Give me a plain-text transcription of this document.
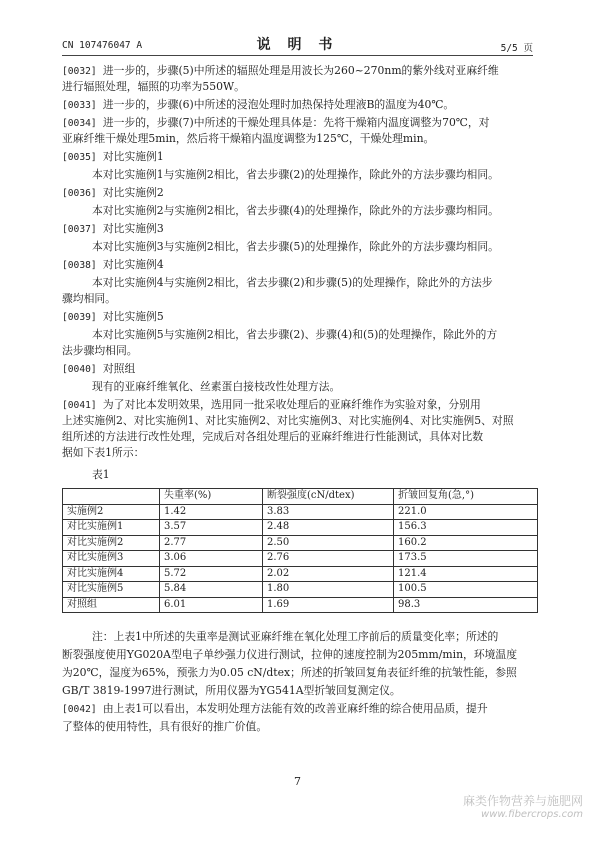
CN 107476047 A	说 明 书	5/5 页
[0032] 进一步的，步骤(5)中所述的辐照处理是用波长为260~270nm的紫外线对亚麻纤维
进行辐照处理，辐照的功率为550W。
[0033] 进一步的，步骤(6)中所述的浸泡处理时加热保持处理液B的温度为40℃。
[0034] 进一步的，步骤(7)中所述的干燥处理具体是：先将干燥箱内温度调整为70℃，对
亚麻纤维干燥处理5min，然后将干燥箱内温度调整为125℃，干燥处理min。
[0035] 对比实施例1
本对比实施例1与实施例2相比，省去步骤(2)的处理操作，除此外的方法步骤均相同。
[0036] 对比实施例2
本对比实施例2与实施例2相比，省去步骤(4)的处理操作，除此外的方法步骤均相同。
[0037] 对比实施例3
本对比实施例3与实施例2相比，省去步骤(5)的处理操作，除此外的方法步骤均相同。
[0038] 对比实施例4
本对比实施例4与实施例2相比，省去步骤(2)和步骤(5)的处理操作，除此外的方法步
骤均相同。
[0039] 对比实施例5
本对比实施例5与实施例2相比，省去步骤(2)、步骤(4)和(5)的处理操作，除此外的方
法步骤均相同。
[0040] 对照组
现有的亚麻纤维氧化、丝素蛋白接枝改性处理方法。
[0041] 为了对比本发明效果，选用同一批采收处理后的亚麻纤维作为实验对象，分别用
上述实施例2、对比实施例1、对比实施例2、对比实施例3、对比实施例4、对比实施例5、对照
组所述的方法进行改性处理，完成后对各组处理后的亚麻纤维进行性能测试，具体对比数
据如下表1所示：
表1
	失重率(%)	断裂强度(cN/dtex)	折皱回复角(急,°)
实施例2	1.42	3.83	221.0
对比实施例1	3.57	2.48	156.3
对比实施例2	2.77	2.50	160.2
对比实施例3	3.06	2.76	173.5
对比实施例4	5.72	2.02	121.4
对比实施例5	5.84	1.80	100.5
对照组	6.01	1.69	98.3
注：上表1中所述的失重率是测试亚麻纤维在氧化处理工序前后的质量变化率；所述的
断裂强度使用YG020A型电子单纱强力仪进行测试，拉伸的速度控制为205mm/min，环境温度
为20℃，湿度为65%，预张力为0.05 cN/dtex；所述的折皱回复角表征纤维的抗皱性能，参照
GB/T 3819-1997进行测试，所用仪器为YG541A型折皱回复测定仪。
[0042] 由上表1可以看出，本发明处理方法能有效的改善亚麻纤维的综合使用品质，提升
了整体的使用特性，具有很好的推广价值。
7
麻类作物营养与施肥网
www.fibercrops.com
